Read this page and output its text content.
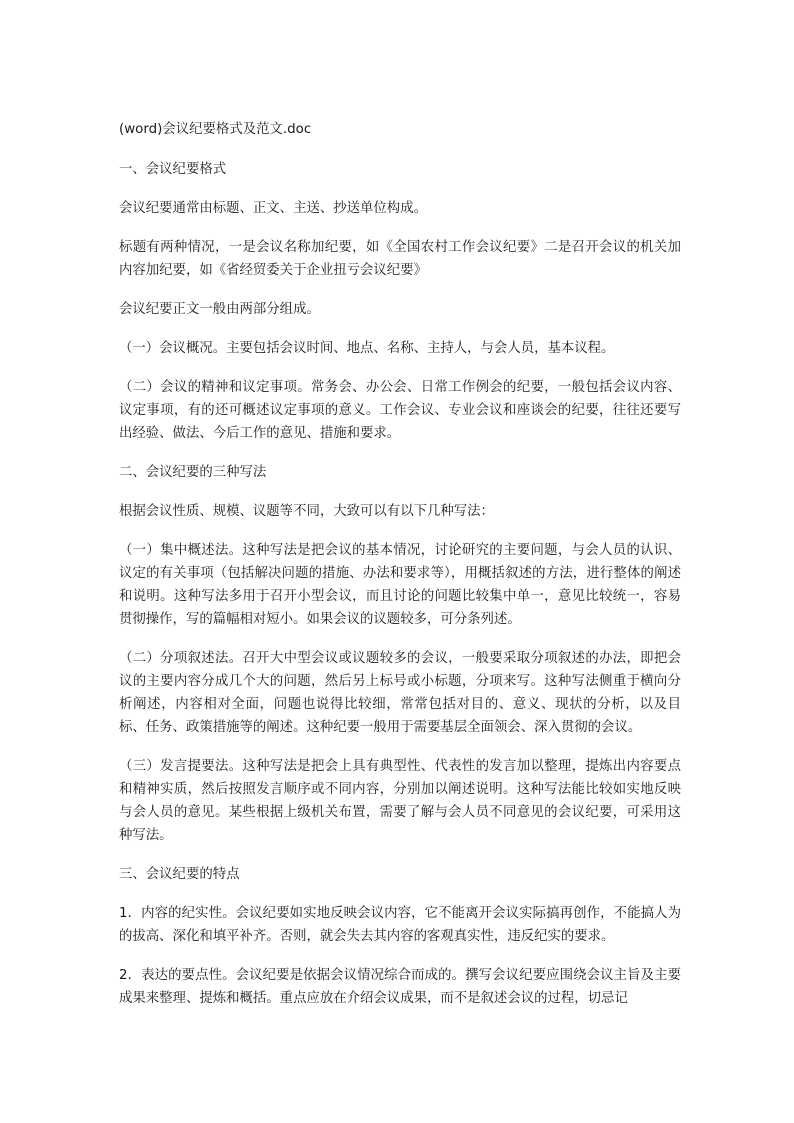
(word)会议纪要格式及范文.doc

一、会议纪要格式

会议纪要通常由标题、正文、主送、抄送单位构成。

标题有两种情况，一是会议名称加纪要，如《全国农村工作会议纪要》二是召开会议的机关加内容加纪要，如《省经贸委关于企业扭亏会议纪要》

会议纪要正文一般由两部分组成。

（一）会议概况。主要包括会议时间、地点、名称、主持人，与会人员，基本议程。

（二）会议的精神和议定事项。常务会、办公会、日常工作例会的纪要，一般包括会议内容、议定事项，有的还可概述议定事项的意义。工作会议、专业会议和座谈会的纪要，往往还要写出经验、做法、今后工作的意见、措施和要求。

二、会议纪要的三种写法

根据会议性质、规模、议题等不同，大致可以有以下几种写法：

（一）集中概述法。这种写法是把会议的基本情况，讨论研究的主要问题，与会人员的认识、议定的有关事项（包括解决问题的措施、办法和要求等），用概括叙述的方法，进行整体的阐述和说明。这种写法多用于召开小型会议，而且讨论的问题比较集中单一，意见比较统一，容易贯彻操作，写的篇幅相对短小。如果会议的议题较多，可分条列述。

（二）分项叙述法。召开大中型会议或议题较多的会议，一般要采取分项叙述的办法，即把会议的主要内容分成几个大的问题，然后另上标号或小标题，分项来写。这种写法侧重于横向分析阐述，内容相对全面，问题也说得比较细，常常包括对目的、意义、现状的分析，以及目标、任务、政策措施等的阐述。这种纪要一般用于需要基层全面领会、深入贯彻的会议。

（三）发言提要法。这种写法是把会上具有典型性、代表性的发言加以整理，提炼出内容要点和精神实质，然后按照发言顺序或不同内容，分别加以阐述说明。这种写法能比较如实地反映与会人员的意见。某些根据上级机关布置，需要了解与会人员不同意见的会议纪要，可采用这种写法。

三、会议纪要的特点

1．内容的纪实性。会议纪要如实地反映会议内容，它不能离开会议实际搞再创作，不能搞人为的拔高、深化和填平补齐。否则，就会失去其内容的客观真实性，违反纪实的要求。

2．表达的要点性。会议纪要是依据会议情况综合而成的。撰写会议纪要应围绕会议主旨及主要成果来整理、提炼和概括。重点应放在介绍会议成果，而不是叙述会议的过程，切忌记
